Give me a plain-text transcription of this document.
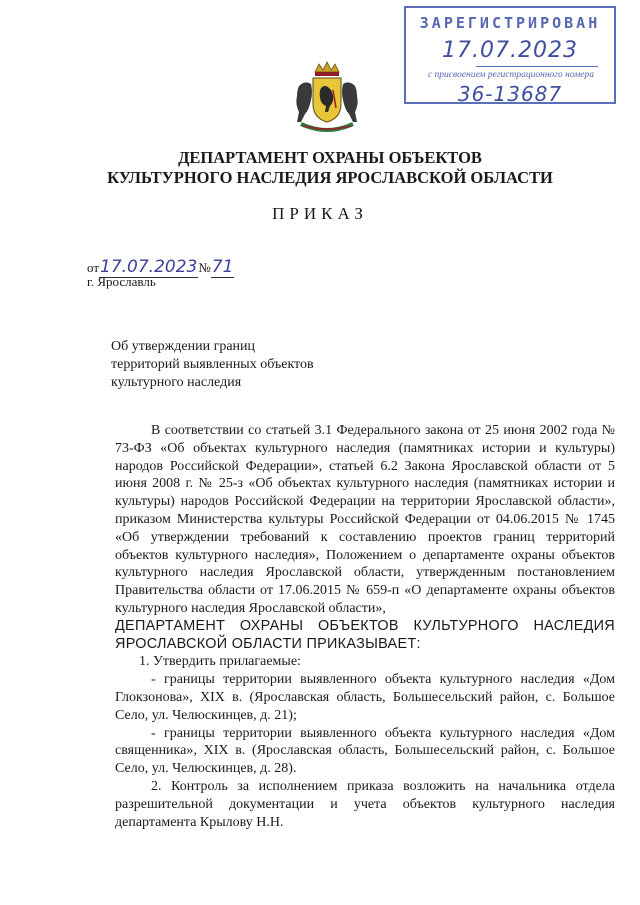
ЗАРЕГИСТРИРОВАН
17.07.2023
с присвоением регистрационного номера
36-13687
ДЕПАРТАМЕНТ ОХРАНЫ ОБЪЕКТОВ
КУЛЬТУРНОГО НАСЛЕДИЯ ЯРОСЛАВСКОЙ ОБЛАСТИ
ПРИКАЗ
от17.07.2023№71
г. Ярославль
Об утверждении границ
территорий выявленных объектов
культурного наследия

В соответствии со статьей 3.1 Федерального закона от 25 июня 2002 года № 73-ФЗ «Об объектах культурного наследия (памятниках истории и культуры) народов Российской Федерации», статьей 6.2 Закона Ярославской области от 5 июня 2008 г. № 25-з «Об объектах культурного наследия (памятниках истории и культуры) народов Российской Федерации на территории Ярославской области», приказом Министерства культуры Российской Федерации от 04.06.2015 № 1745 «Об утверждении требований к составлению проектов границ территорий объектов культурного наследия», Положением о департаменте охраны объектов культурного наследия Ярославской области, утвержденным постановлением Правительства области от 17.06.2015 № 659-п «О департаменте охраны объектов культурного наследия Ярославской области»,

ДЕПАРТАМЕНТ ОХРАНЫ ОБЪЕКТОВ КУЛЬТУРНОГО НАСЛЕДИЯ ЯРОСЛАВСКОЙ ОБЛАСТИ ПРИКАЗЫВАЕТ:

1. Утвердить прилагаемые:

- границы территории выявленного объекта культурного наследия «Дом Глокзонова», XIX в. (Ярославская область, Большесельский район, с. Большое Село, ул. Челюскинцев, д. 21);

- границы территории выявленного объекта культурного наследия «Дом священника», XIX в. (Ярославская область, Большесельский район, с. Большое Село, ул. Челюскинцев, д. 28).

2. Контроль за исполнением приказа возложить на начальника отдела разрешительной документации и учета объектов культурного наследия департамента Крылову Н.Н.
